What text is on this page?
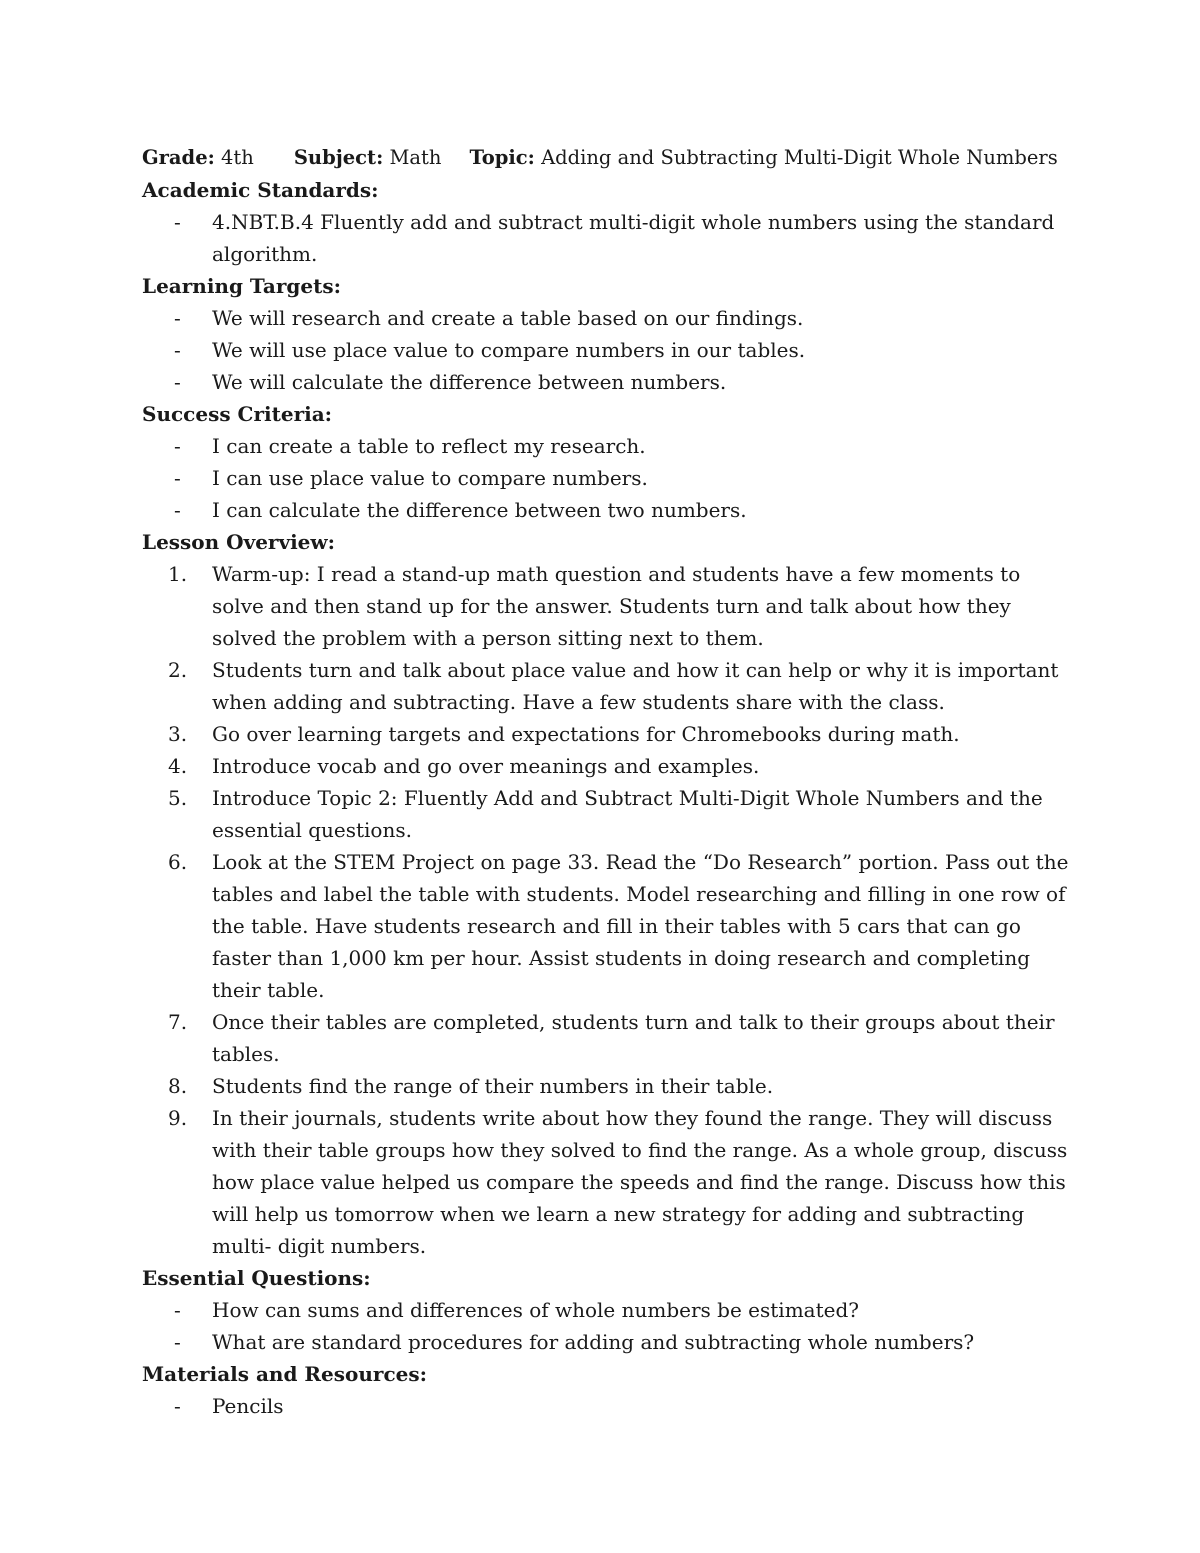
Grade: 4th Subject: Math Topic: Adding and Subtracting Multi-Digit Whole Numbers
Academic Standards:
- 4.NBT.B.4 Fluently add and subtract multi-digit whole numbers using the standard algorithm.
Learning Targets:
- We will research and create a table based on our findings.
- We will use place value to compare numbers in our tables.
- We will calculate the difference between numbers.
Success Criteria:
- I can create a table to reflect my research.
- I can use place value to compare numbers.
- I can calculate the difference between two numbers.
Lesson Overview:
1.	Warm-up: I read a stand-up math question and students have a few moments to solve and then stand up for the answer. Students turn and talk about how they solved the problem with a person sitting next to them.
2.	Students turn and talk about place value and how it can help or why it is important when adding and subtracting. Have a few students share with the class.
3.	Go over learning targets and expectations for Chromebooks during math.
4.	Introduce vocab and go over meanings and examples.
5.	Introduce Topic 2: Fluently Add and Subtract Multi-Digit Whole Numbers and the essential questions.
6.	Look at the STEM Project on page 33. Read the “Do Research” portion. Pass out the tables and label the table with students. Model researching and filling in one row of the table. Have students research and fill in their tables with 5 cars that can go faster than 1,000 km per hour. Assist students in doing research and completing their table.
7.	Once their tables are completed, students turn and talk to their groups about their tables.
8.	Students find the range of their numbers in their table.
9.	In their journals, students write about how they found the range. They will discuss with their table groups how they solved to find the range. As a whole group, discuss how place value helped us compare the speeds and find the range. Discuss how this will help us tomorrow when we learn a new strategy for adding and subtracting multi- digit numbers.
Essential Questions:
- How can sums and differences of whole numbers be estimated?
- What are standard procedures for adding and subtracting whole numbers?
Materials and Resources:
- Pencils
